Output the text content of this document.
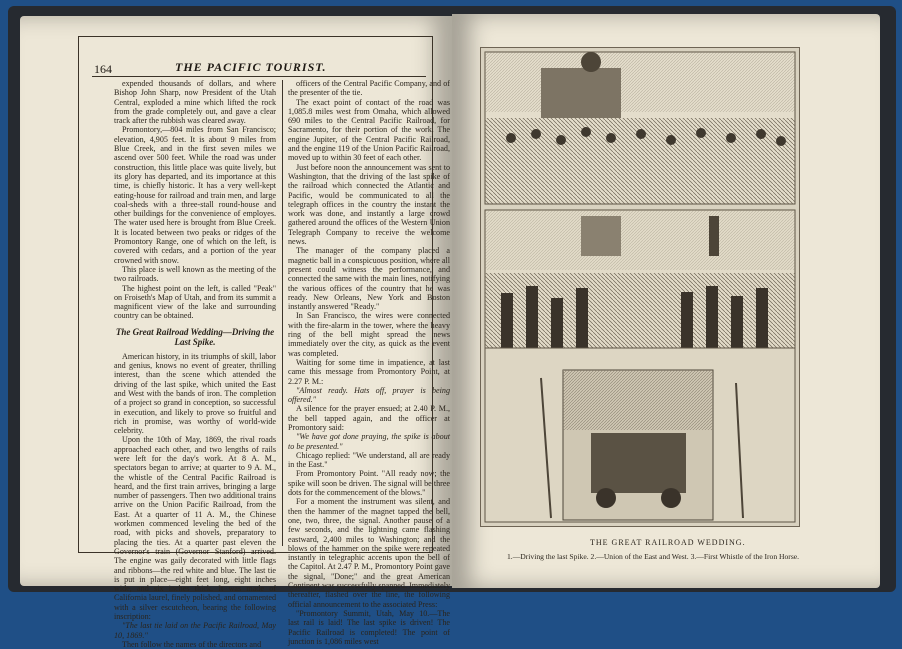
164	THE PACIFIC TOURIST.

expended thousands of dollars, and where Bishop John Sharp, now President of the Utah Central, exploded a mine which lifted the rock from the grade completely out, and gave a clear track after the rubbish was cleared away.

Promontory,—804 miles from San Francisco; elevation, 4,905 feet. It is about 9 miles from Blue Creek, and in the first seven miles we ascend over 500 feet. While the road was under construction, this little place was quite lively, but its glory has departed, and its importance at this time, is chiefly historic. It has a very well-kept eating-house for railroad and train men, and large coal-sheds with a three-stall round-house and other buildings for the convenience of employes. The water used here is brought from Blue Creek. It is located between two peaks or ridges of the Promontory Range, one of which on the left, is covered with cedars, and a portion of the year crowned with snow.

This place is well known as the meeting of the two railroads.

The highest point on the left, is called "Peak" on Froiseth's Map of Utah, and from its summit a magnificent view of the lake and surrounding country can be obtained.

The Great Railroad Wedding—Driving the Last Spike.

American history, in its triumphs of skill, labor and genius, knows no event of greater, thrilling interest, than the scene which attended the driving of the last spike, which united the East and West with the bands of iron. The completion of a project so grand in conception, so successful in execution, and likely to prove so fruitful and rich in promise, was worthy of world-wide celebrity.

Upon the 10th of May, 1869, the rival roads approached each other, and two lengths of rails were left for the day's work. At 8 A. M., spectators began to arrive; at quarter to 9 A. M., the whistle of the Central Pacific Railroad is heard, and the first train arrives, bringing a large number of passengers. Then two additional trains arrive on the Union Pacific Railroad, from the East. At a quarter of 11 A. M., the Chinese workmen commenced leveling the bed of the road, with picks and shovels, preparatory to placing the ties. At a quarter past eleven the Governor's train (Governor Stanford) arrived. The engine was gaily decorated with little flags and ribbons—the red white and blue. The last tie is put in place—eight feet long, eight inches wide, and six inches thick. It was made of California laurel, finely polished, and ornamented with a silver escutcheon, bearing the following inscription:

"The last tie laid on the Pacific Railroad, May 10, 1869."

Then follow the names of the directors and

officers of the Central Pacific Company, and of the presenter of the tie.

The exact point of contact of the road was 1,085.8 miles west from Omaha, which allowed 690 miles to the Central Pacific Railroad, for Sacramento, for their portion of the work. The engine Jupiter, of the Central Pacific Railroad, and the engine 119 of the Union Pacific Railroad, moved up to within 30 feet of each other.

Just before noon the announcement was sent to Washington, that the driving of the last spike of the railroad which connected the Atlantic and Pacific, would be communicated to all the telegraph offices in the country the instant the work was done, and instantly a large crowd gathered around the offices of the Western Union Telegraph Company to receive the welcome news.

The manager of the company placed a magnetic ball in a conspicuous position, where all present could witness the performance, and connected the same with the main lines, notifying the various offices of the country that he was ready. New Orleans, New York and Boston instantly answered "Ready."

In San Francisco, the wires were connected with the fire-alarm in the tower, where the heavy ring of the bell might spread the news immediately over the city, as quick as the event was completed.

Waiting for some time in impatience, at last came this message from Promontory Point, at 2.27 P. M.:

"Almost ready. Hats off, prayer is being offered."

A silence for the prayer ensued; at 2.40 P. M., the bell tapped again, and the officer at Promontory said:

"We have got done praying, the spike is about to be presented."

Chicago replied: "We understand, all are ready in the East."

From Promontory Point. "All ready now; the spike will soon be driven. The signal will be three dots for the commencement of the blows."

For a moment the instrument was silent, and then the hammer of the magnet tapped the bell, one, two, three, the signal. Another pause of a few seconds, and the lightning came flashing eastward, 2,400 miles to Washington; and the blows of the hammer on the spike were repeated instantly in telegraphic accents upon the bell of the Capitol. At 2.47 P. M., Promontory Point gave the signal, "Done;" and the great American Continent was successfully spanned. Immediately thereafter, flashed over the line, the following official announcement to the associated Press:

"Promontory Summit, Utah, May 10.—The last rail is laid! The last spike is driven! The Pacific Railroad is completed! The point of junction is 1,086 miles west

THE GREAT RAILROAD WEDDING.
1.—Driving the last Spike. 2.—Union of the East and West. 3.—First Whistle of the Iron Horse.
